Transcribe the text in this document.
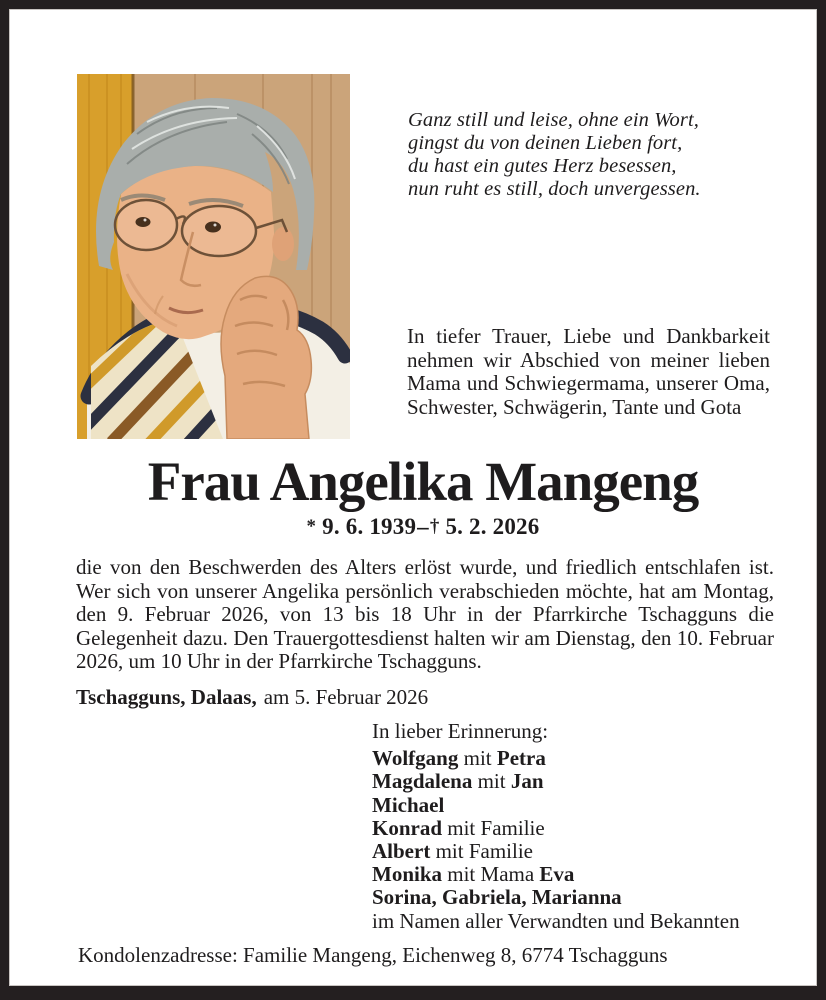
Ganz still und leise, ohne ein Wort,
gingst du von deinen Lieben fort,
du hast ein gutes Herz besessen,
nun ruht es still, doch unvergessen.
In tiefer Trauer, Liebe und Dankbarkeit nehmen wir Abschied von meiner lieben Mama und Schwiegermama, unserer Oma, Schwester, Schwägerin, Tante und Gota
Frau Angelika Mangeng
* 9. 6. 1939–† 5. 2. 2026

die von den Beschwerden des Alters erlöst wurde, und friedlich entschlafen ist. Wer sich von unserer Angelika persönlich verabschieden möchte, hat am Montag, den 9. Februar 2026, von 13 bis 18 Uhr in der Pfarrkirche Tschagguns die Gelegenheit dazu. Den Trauergottesdienst halten wir am Dienstag, den 10. Februar 2026, um 10 Uhr in der Pfarrkirche Tschagguns.

Tschagguns, Dalaas, am 5. Februar 2026

In lieber Erinnerung:
Wolfgang mit Petra
Magdalena mit Jan
Michael
Konrad mit Familie
Albert mit Familie
Monika mit Mama Eva
Sorina, Gabriela, Marianna
im Namen aller Verwandten und Bekannten

Kondolenzadresse: Familie Mangeng, Eichenweg 8, 6774 Tschagguns
